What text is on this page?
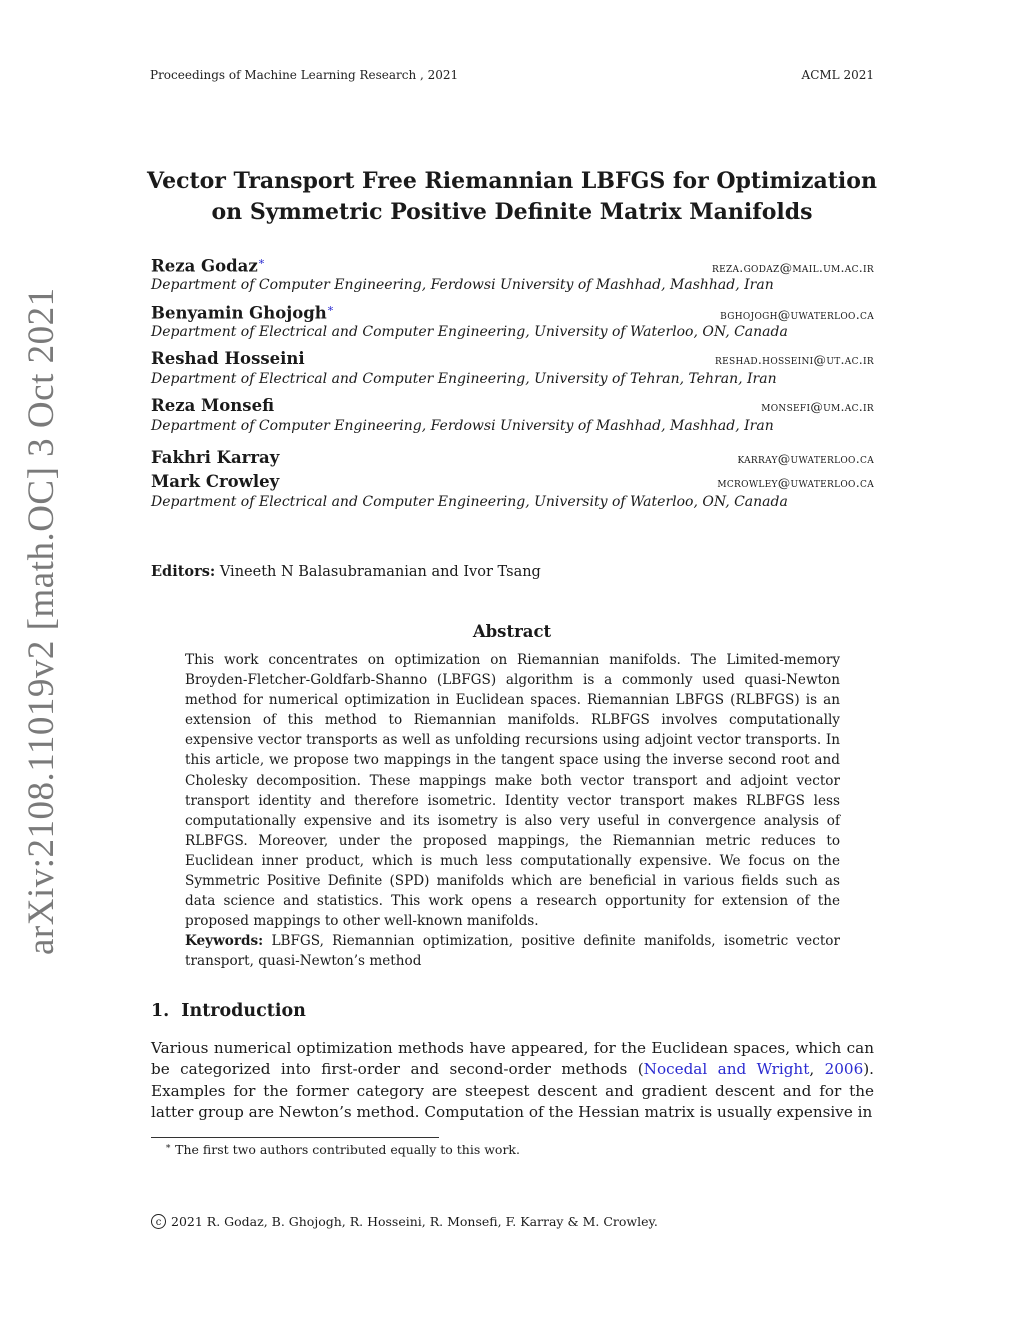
Proceedings of Machine Learning Research , 2021	ACML 2021
arXiv:2108.11019v2 [math.OC] 3 Oct 2021
Vector Transport Free Riemannian LBFGS for Optimization
on Symmetric Positive Definite Matrix Manifolds
Reza Godaz∗	reza.godaz@mail.um.ac.ir
Department of Computer Engineering, Ferdowsi University of Mashhad, Mashhad, Iran
Benyamin Ghojogh∗	bghojogh@uwaterloo.ca
Department of Electrical and Computer Engineering, University of Waterloo, ON, Canada
Reshad Hosseini	reshad.hosseini@ut.ac.ir
Department of Electrical and Computer Engineering, University of Tehran, Tehran, Iran
Reza Monsefi	monsefi@um.ac.ir
Department of Computer Engineering, Ferdowsi University of Mashhad, Mashhad, Iran
Fakhri Karray	karray@uwaterloo.ca
Mark Crowley	mcrowley@uwaterloo.ca
Department of Electrical and Computer Engineering, University of Waterloo, ON, Canada
Editors: Vineeth N Balasubramanian and Ivor Tsang
Abstract

This work concentrates on optimization on Riemannian manifolds. The Limited-memory Broyden-Fletcher-Goldfarb-Shanno (LBFGS) algorithm is a commonly used quasi-Newton method for numerical optimization in Euclidean spaces. Riemannian LBFGS (RLBFGS) is an extension of this method to Riemannian manifolds. RLBFGS involves computationally expensive vector transports as well as unfolding recursions using adjoint vector transports. In this article, we propose two mappings in the tangent space using the inverse second root and Cholesky decomposition. These mappings make both vector transport and adjoint vector transport identity and therefore isometric. Identity vector transport makes RLBFGS less computationally expensive and its isometry is also very useful in convergence analysis of RLBFGS. Moreover, under the proposed mappings, the Riemannian metric reduces to Euclidean inner product, which is much less computationally expensive. We focus on the Symmetric Positive Definite (SPD) manifolds which are beneficial in various fields such as data science and statistics. This work opens a research opportunity for extension of the proposed mappings to other well-known manifolds.

Keywords: LBFGS, Riemannian optimization, positive definite manifolds, isometric vector transport, quasi-Newton’s method

1. Introduction

Various numerical optimization methods have appeared, for the Euclidean spaces, which can be categorized into first-order and second-order methods (Nocedal and Wright, 2006). Examples for the former category are steepest descent and gradient descent and for the latter group are Newton’s method. Computation of the Hessian matrix is usually expensive in

∗ The first two authors contributed equally to this work.
c 2021 R. Godaz, B. Ghojogh, R. Hosseini, R. Monsefi, F. Karray & M. Crowley.
